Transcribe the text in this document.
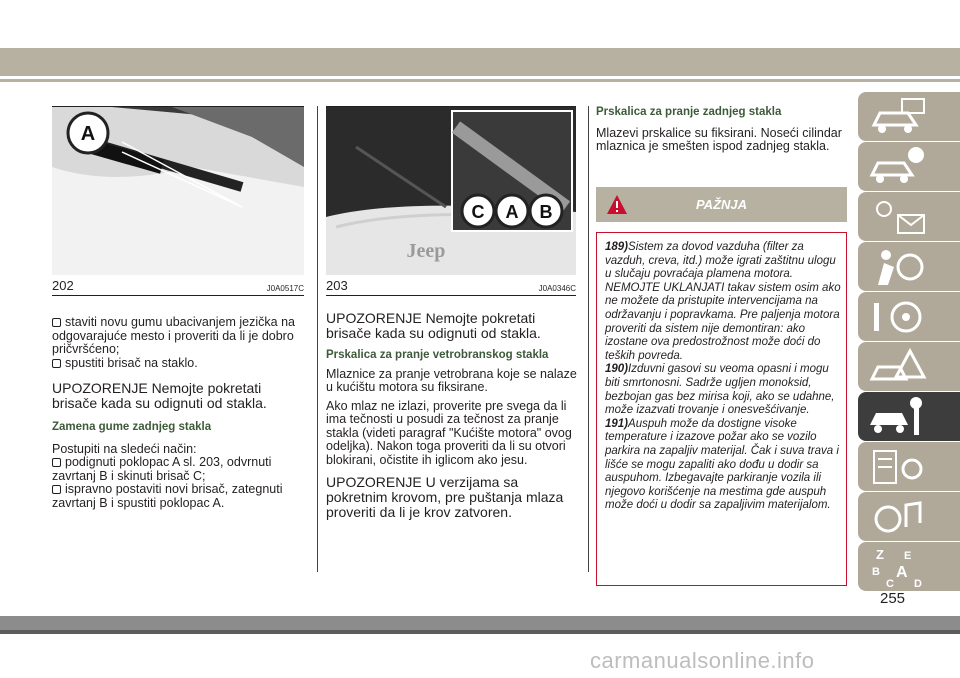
A
202	J0A0517C

staviti novu gumu ubacivanjem jezička na odgovarajuće mesto i proveriti da li je dobro pričvršćeno;

spustiti brisač na staklo.

UPOZORENJE Nemojte pokretati brisače kada su odignuti od stakla.

Zamena gume zadnjeg stakla

Postupiti na sledeći način:

podignuti poklopac A sl. 203, odvrnuti zavrtanj B i skinuti brisač C;

ispravno postaviti novi brisač, zategnuti zavrtanj B i spustiti poklopac A.

C A B
Jeep
203	J0A0346C

UPOZORENJE Nemojte pokretati brisače kada su odignuti od stakla.

Prskalica za pranje vetrobranskog stakla

Mlaznice za pranje vetrobrana koje se nalaze u kućištu motora su fiksirane.

Ako mlaz ne izlazi, proverite pre svega da li ima tečnosti u posudi za tečnost za pranje stakla (videti paragraf "Kućište motora" ovog odeljka). Nakon toga proveriti da li su otvori blokirani, očistite ih iglicom ako jesu.

UPOZORENJE U verzijama sa pokretnim krovom, pre puštanja mlaza proveriti da li je krov zatvoren.

Prskalica za pranje zadnjeg stakla

Mlazevi prskalice su fiksirani. Noseći cilindar mlaznica je smešten ispod zadnjeg stakla.

PAŽNJA

189)Sistem za dovod vazduha (filter za vazduh, creva, itd.) može igrati zaštitnu ulogu u slučaju povraćaja plamena motora. NEMOJTE UKLANJATI takav sistem osim ako ne možete da pristupite intervencijama na održavanju i popravkama. Pre paljenja motora proveriti da sistem nije demontiran: ako izostane ova predostrožnost može doći do teških povreda.

190)Izduvni gasovi su veoma opasni i mogu biti smrtonosni. Sadrže ugljen monoksid, bezbojan gas bez mirisa koji, ako se udahne, može izazvati trovanje i onesvešćivanje.

191)Auspuh može da dostigne visoke temperature i izazove požar ako se vozilo parkira na zapaljiv materijal. Čak i suva trava i lišće se mogu zapaliti ako dođu u dodir sa auspuhom. Izbegavajte parkiranje vozila ili njegovo korišćenje na mestima gde auspuh može doći u dodir sa zapaljivim materijalom.

Z E
B A
C D
255
carmanualsonline.info
